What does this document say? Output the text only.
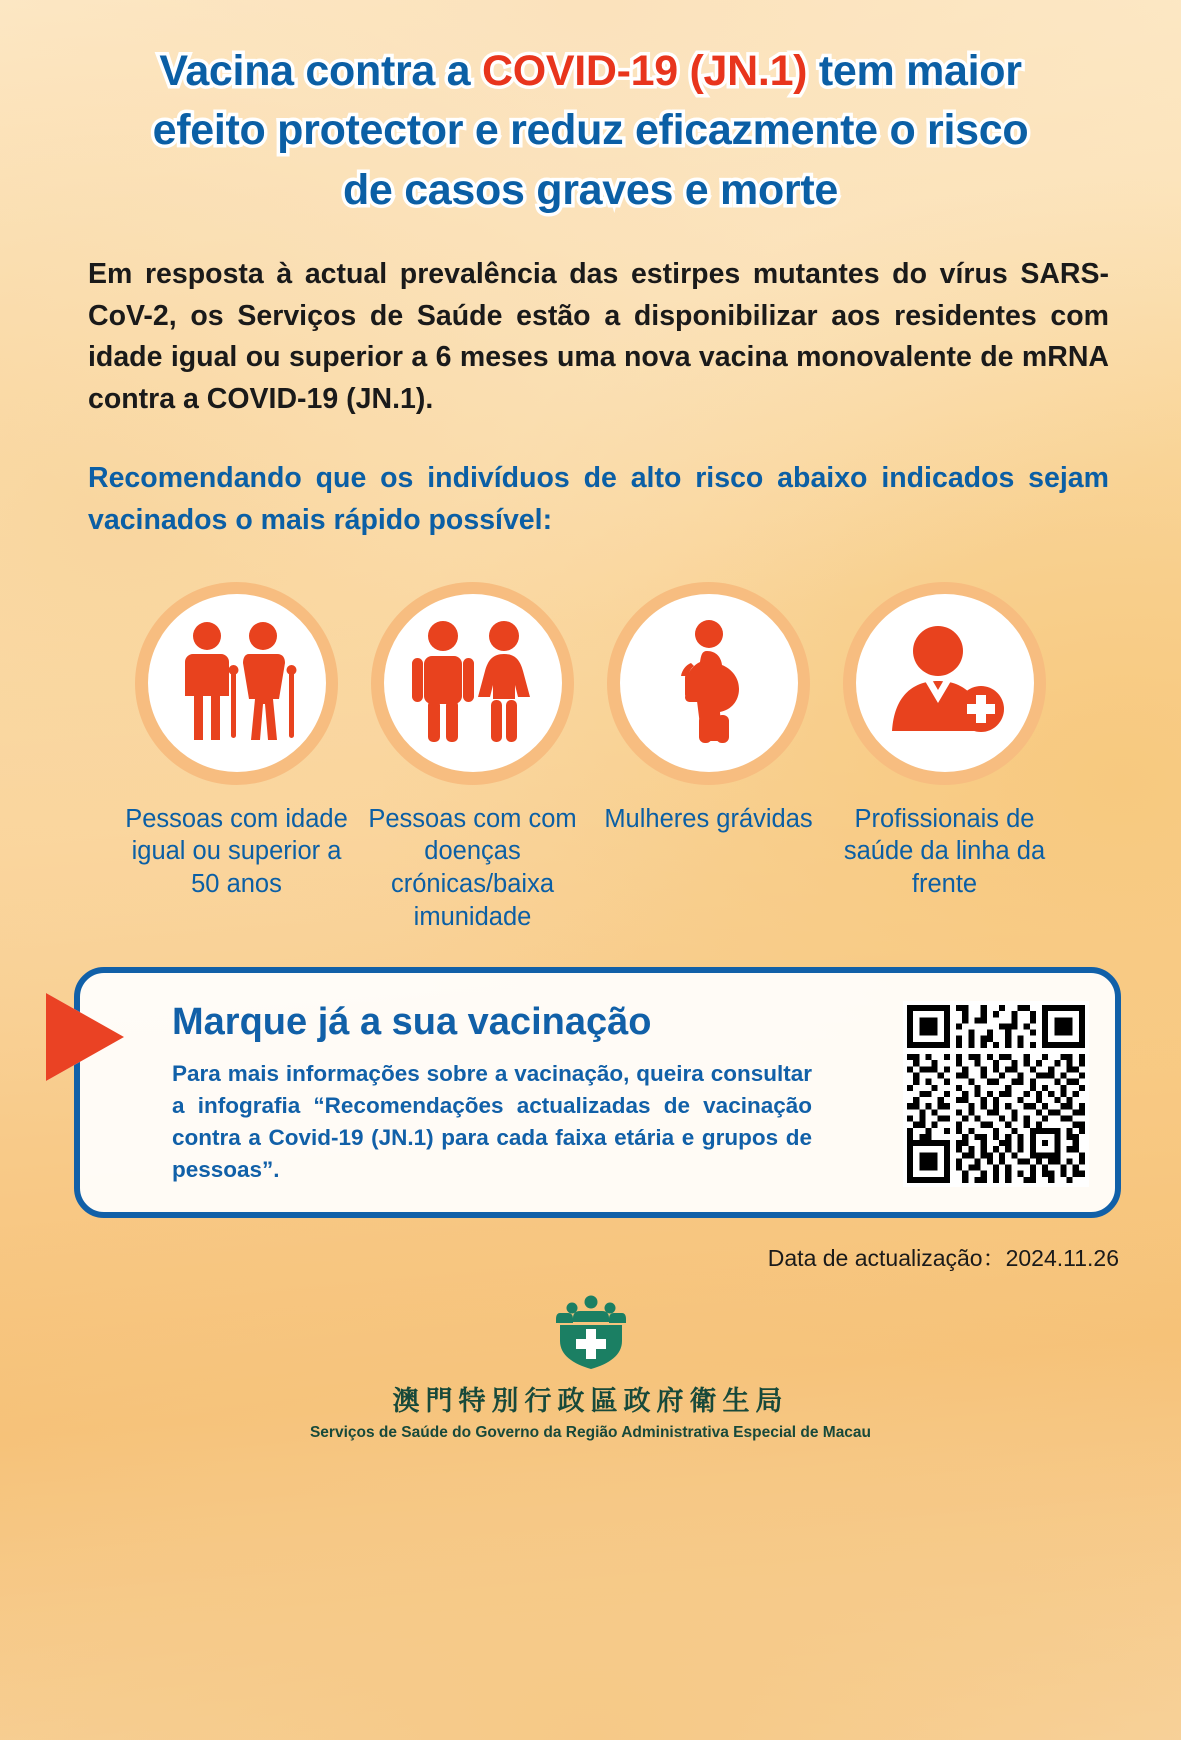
Vacina contra a COVID-19 (JN.1) tem maior
efeito protector e reduz eficazmente o risco
de casos graves e morte

Em resposta à actual prevalência das estirpes mutantes do vírus SARS-CoV-2, os Serviços de Saúde estão a disponibilizar aos residentes com idade igual ou superior a 6 meses uma nova vacina monovalente de mRNA contra a COVID-19 (JN.1).

Recomendando que os indivíduos de alto risco abaixo indicados sejam vacinados o mais rápido possível:

Pessoas com idade igual ou superior a 50 anos
Pessoas com com doenças crónicas/baixa imunidade
Mulheres grávidas	Profissionais de saúde da linha da frente
Marque já a sua vacinação
Para mais informações sobre a vacinação, queira consultar a infografia “Recomendações actualizadas de vacinação contra a Covid-19 (JN.1) para cada faixa etária e grupos de pessoas”.
Data de actualização：2024.11.26
澳門特別行政區政府衛生局
Serviços de Saúde do Governo da Região Administrativa Especial de Macau
